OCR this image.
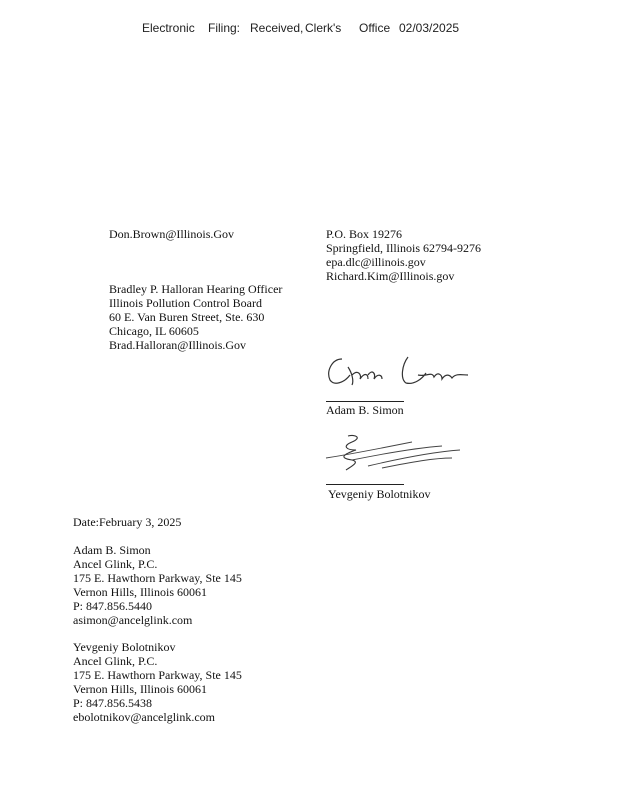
Electronic Filing: Received, Clerk's Office 02/03/2025
Don.Brown@Illinois.Gov	P.O. Box 19276
Springfield, Illinois 62794-9276
epa.dlc@illinois.gov
Richard.Kim@Illinois.gov
Bradley P. Halloran Hearing Officer
Illinois Pollution Control Board
60 E. Van Buren Street, Ste. 630
Chicago, IL 60605
Brad.Halloran@Illinois.Gov
Adam B. Simon
Yevgeniy Bolotnikov
Date:February 3, 2025
Adam B. Simon
Ancel Glink, P.C.
175 E. Hawthorn Parkway, Ste 145
Vernon Hills, Illinois 60061
P: 847.856.5440
asimon@ancelglink.com
Yevgeniy Bolotnikov
Ancel Glink, P.C.
175 E. Hawthorn Parkway, Ste 145
Vernon Hills, Illinois 60061
P: 847.856.5438
ebolotnikov@ancelglink.com
